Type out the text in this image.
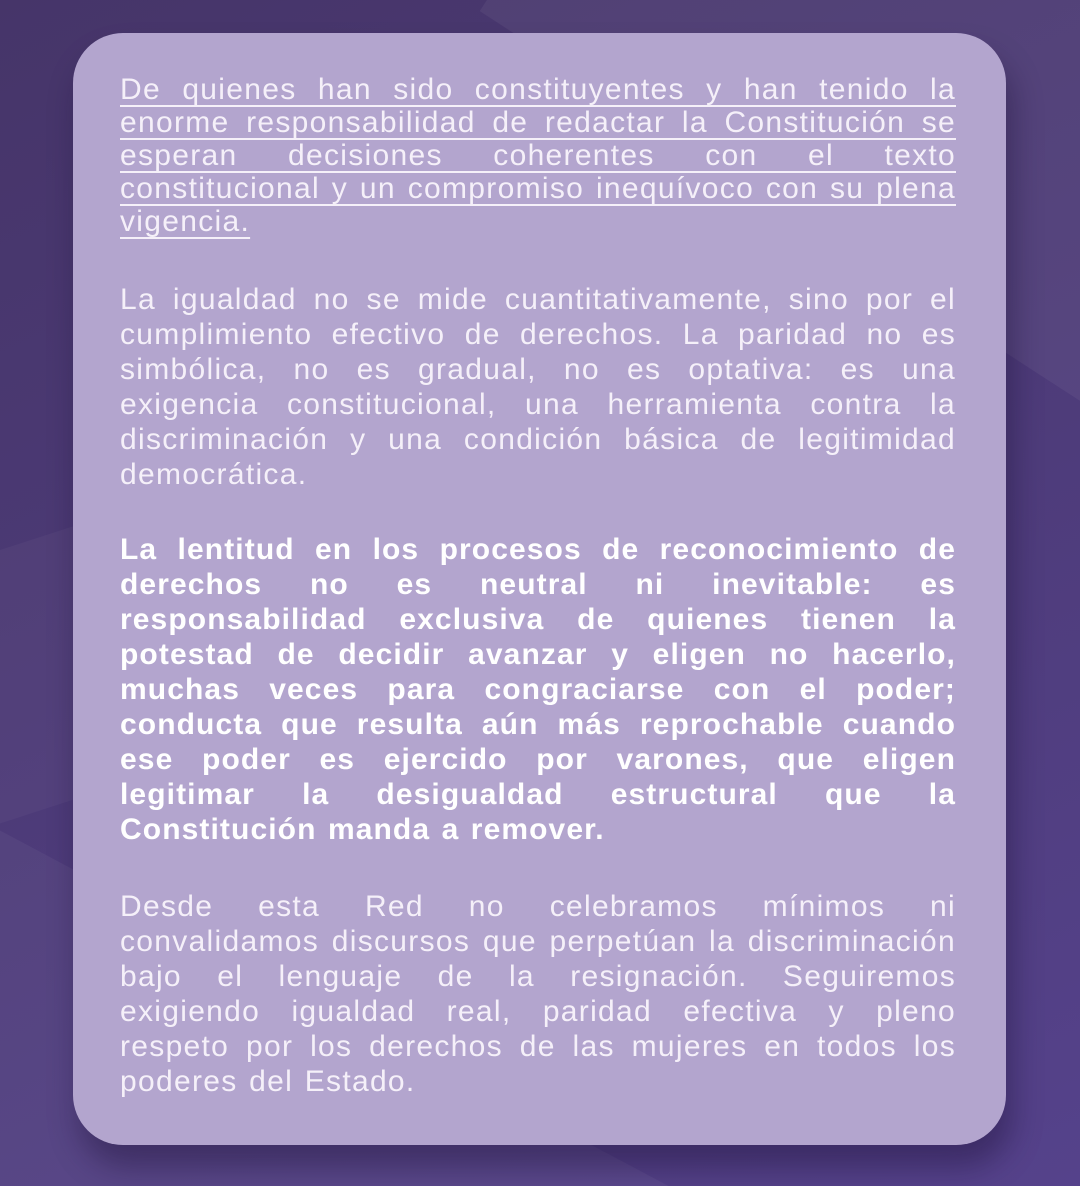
De quienes han sido constituyentes y han tenido la enorme responsabilidad de redactar la Constitución se esperan decisiones coherentes con el texto constitucional y un compromiso inequívoco con su plena vigencia.

La igualdad no se mide cuantitativamente, sino por el cumplimiento efectivo de derechos. La paridad no es simbólica, no es gradual, no es optativa: es una exigencia constitucional, una herramienta contra la discriminación y una condición básica de legitimidad democrática.

La lentitud en los procesos de reconocimiento de derechos no es neutral ni inevitable: es responsabilidad exclusiva de quienes tienen la potestad de decidir avanzar y eligen no hacerlo, muchas veces para congraciarse con el poder; conducta que resulta aún más reprochable cuando ese poder es ejercido por varones, que eligen legitimar la desigualdad estructural que la Constitución manda a remover.

Desde esta Red no celebramos mínimos ni convalidamos discursos que perpetúan la discriminación bajo el lenguaje de la resignación. Seguiremos exigiendo igualdad real, paridad efectiva y pleno respeto por los derechos de las mujeres en todos los poderes del Estado.
